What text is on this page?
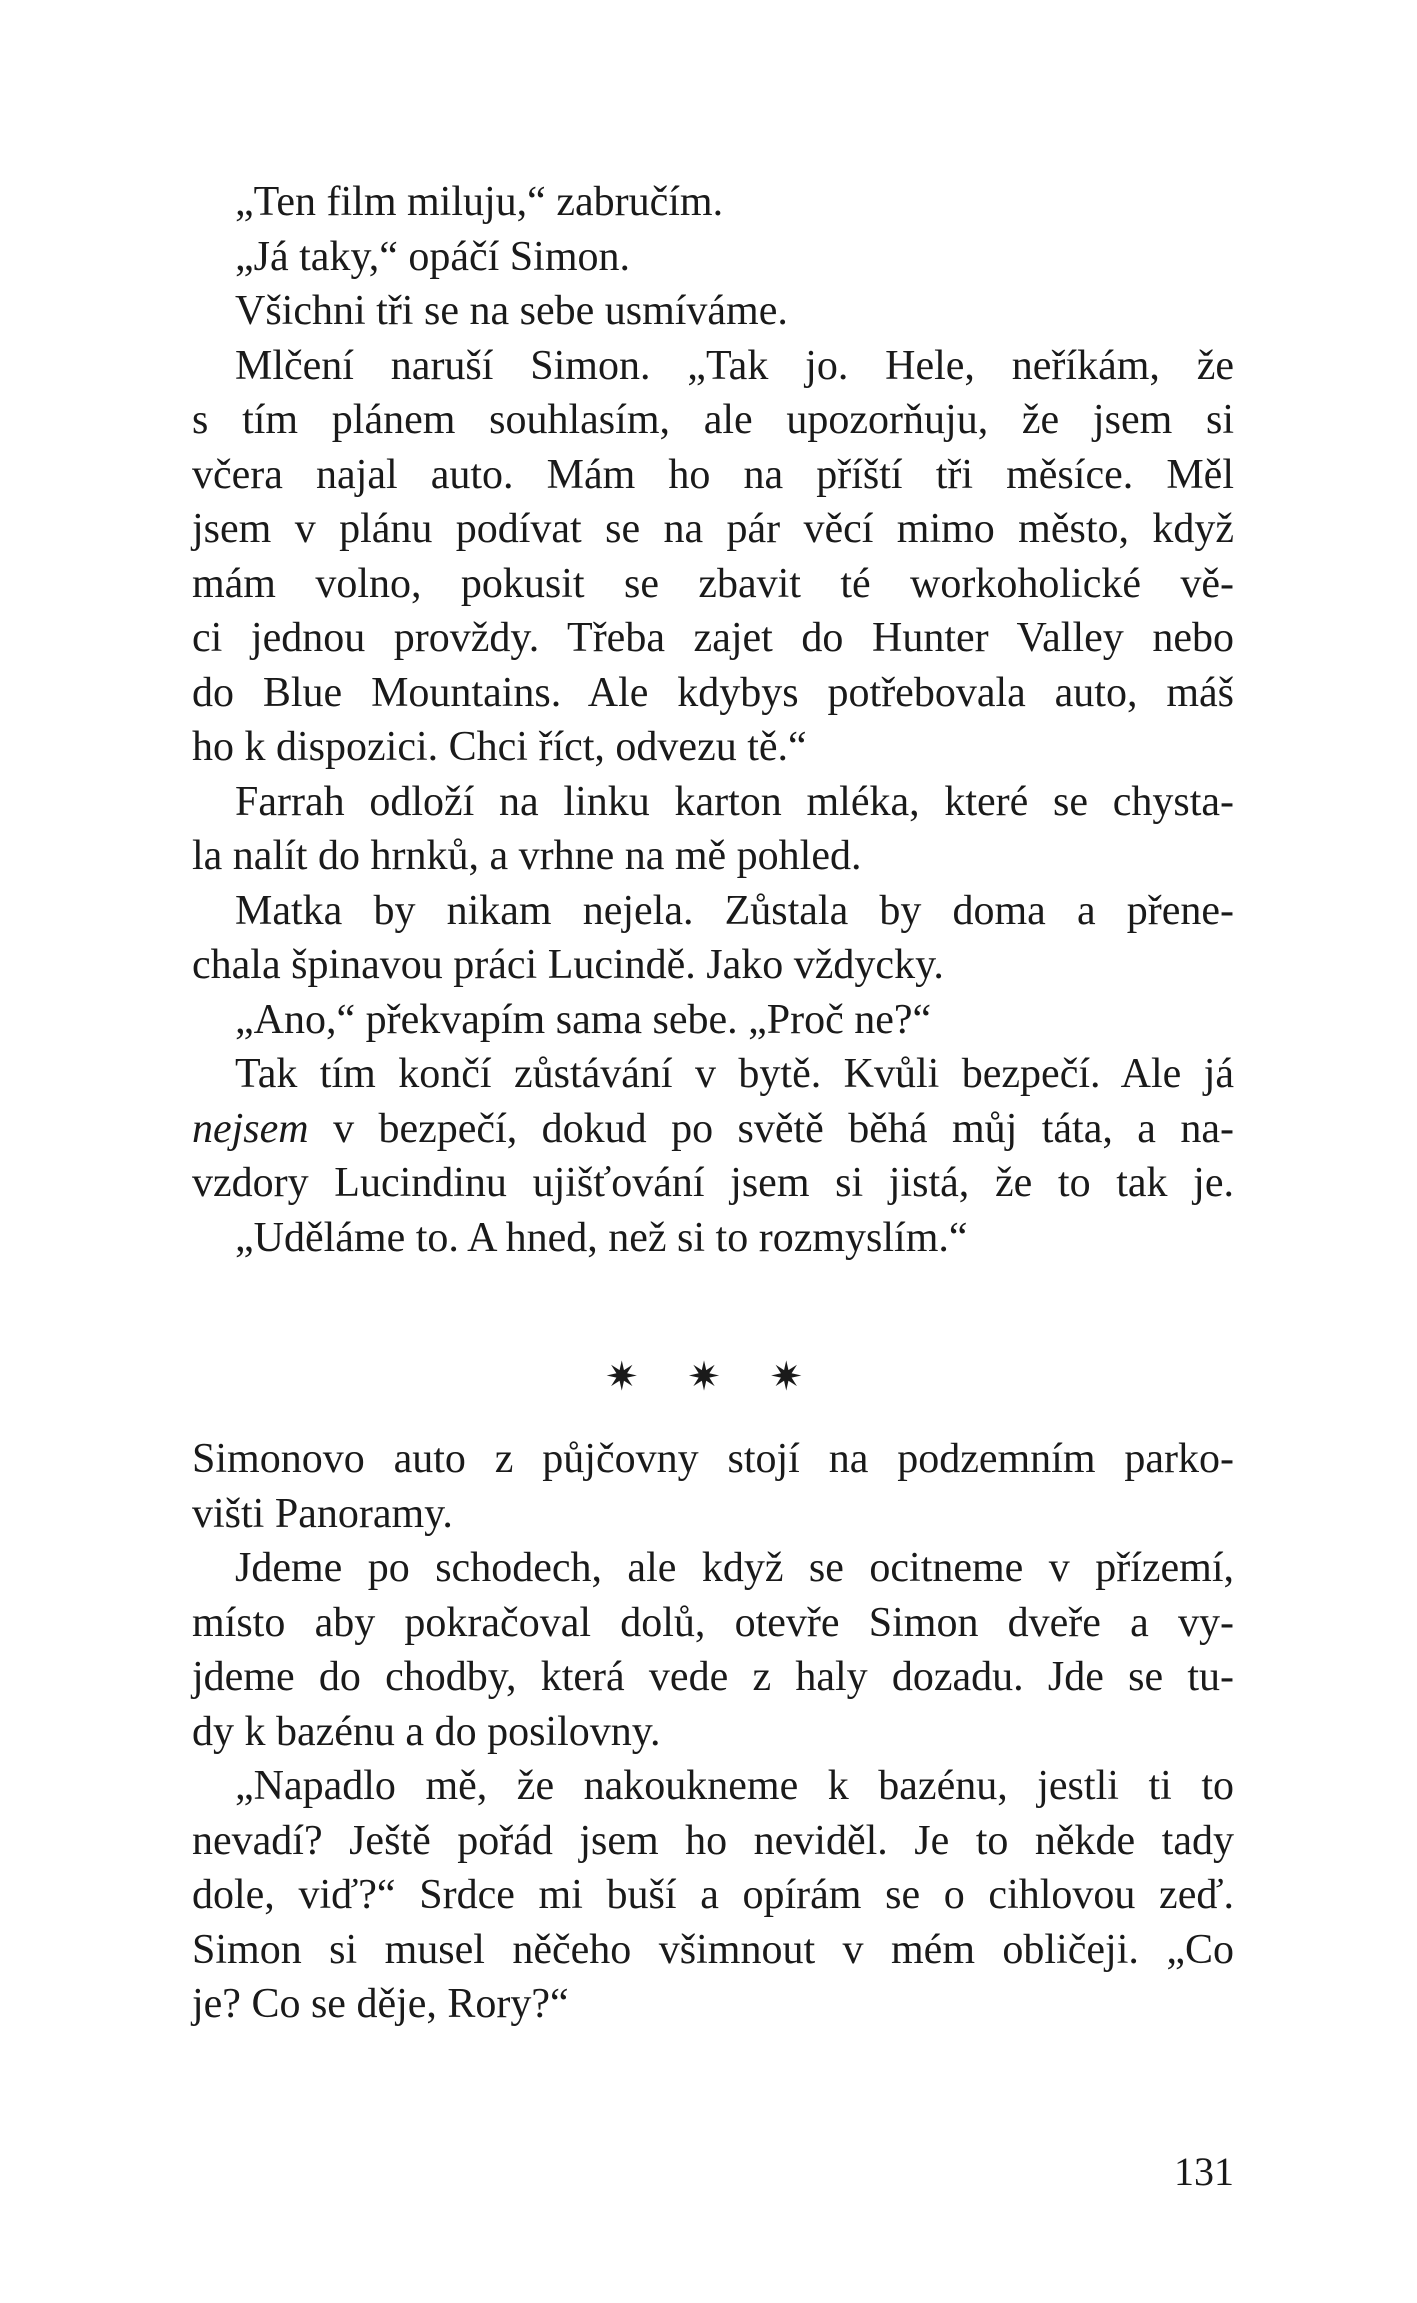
„Ten film miluju,“ zabručím.

„Já taky,“ opáčí Simon.

Všichni tři se na sebe usmíváme.

Mlčení naruší Simon. „Tak jo. Hele, neříkám, že

s tím plánem souhlasím, ale upozorňuju, že jsem si

včera najal auto. Mám ho na příští tři měsíce. Měl

jsem v plánu podívat se na pár věcí mimo město, když

mám volno, pokusit se zbavit té workoholické vě-

ci jednou provždy. Třeba zajet do Hunter Valley nebo

do Blue Mountains. Ale kdybys potřebovala auto, máš

ho k dispozici. Chci říct, odvezu tě.“

Farrah odloží na linku karton mléka, které se chysta-

la nalít do hrnků, a vrhne na mě pohled.

Matka by nikam nejela. Zůstala by doma a přene-

chala špinavou práci Lucindě. Jako vždycky.

„Ano,“ překvapím sama sebe. „Proč ne?“

Tak tím končí zůstávání v bytě. Kvůli bezpečí. Ale já

nejsem v bezpečí, dokud po světě běhá můj táta, a na-

vzdory Lucindinu ujišťování jsem si jistá, že to tak je.

„Uděláme to. A hned, než si to rozmyslím.“

✷ ✷ ✷

Simonovo auto z půjčovny stojí na podzemním parko-

višti Panoramy.

Jdeme po schodech, ale když se ocitneme v přízemí,

místo aby pokračoval dolů, otevře Simon dveře a vy-

jdeme do chodby, která vede z haly dozadu. Jde se tu-

dy k bazénu a do posilovny.

„Napadlo mě, že nakoukneme k bazénu, jestli ti to

nevadí? Ještě pořád jsem ho neviděl. Je to někde tady

dole, viď?“ Srdce mi buší a opírám se o cihlovou zeď.

Simon si musel něčeho všimnout v mém obličeji. „Co

je? Co se děje, Rory?“

131
